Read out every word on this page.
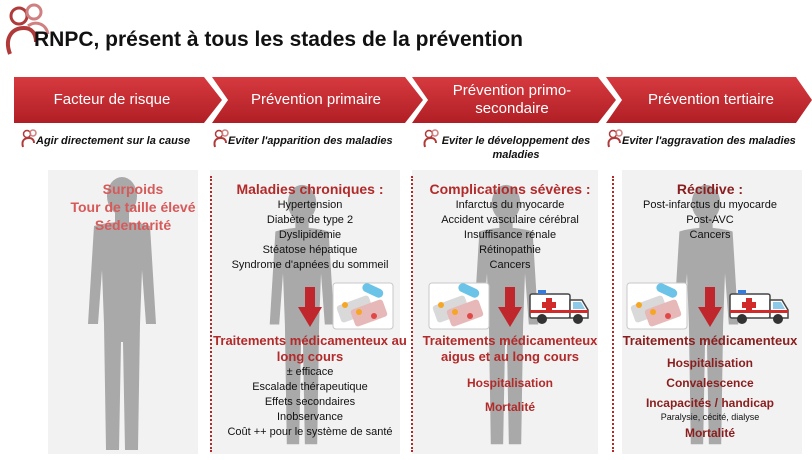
RNPC, présent à tous les stades de la prévention
Facteur de risque	Prévention primaire
Prévention primo-secondaire
Prévention tertiaire
Agir directement sur la cause	Eviter l'apparition des maladies	Eviter le développement des maladies
Eviter l'aggravation des maladies
Surpoids
Tour de taille élevé
Sédentarité
Maladies chroniques :
Hypertension
Diabète de type 2
Dyslipidémie
Stéatose hépatique
Syndrome d'apnées du sommeil
Traitements médicamenteux au long cours
± efficace
Escalade thérapeutique
Effets secondaires
Inobservance
Coût ++ pour le système de santé
Complications sévères :
Infarctus du myocarde
Accident vasculaire cérébral
Insuffisance rénale
Rétinopathie
Cancers
Traitements médicamenteux aigus et au long cours
Hospitalisation
Mortalité
Récidive :
Post-infarctus du myocarde
Post-AVC
Cancers
Traitements médicamenteux
Hospitalisation
Convalescence
Incapacités / handicap
Paralysie, cécité, dialyse
Mortalité
